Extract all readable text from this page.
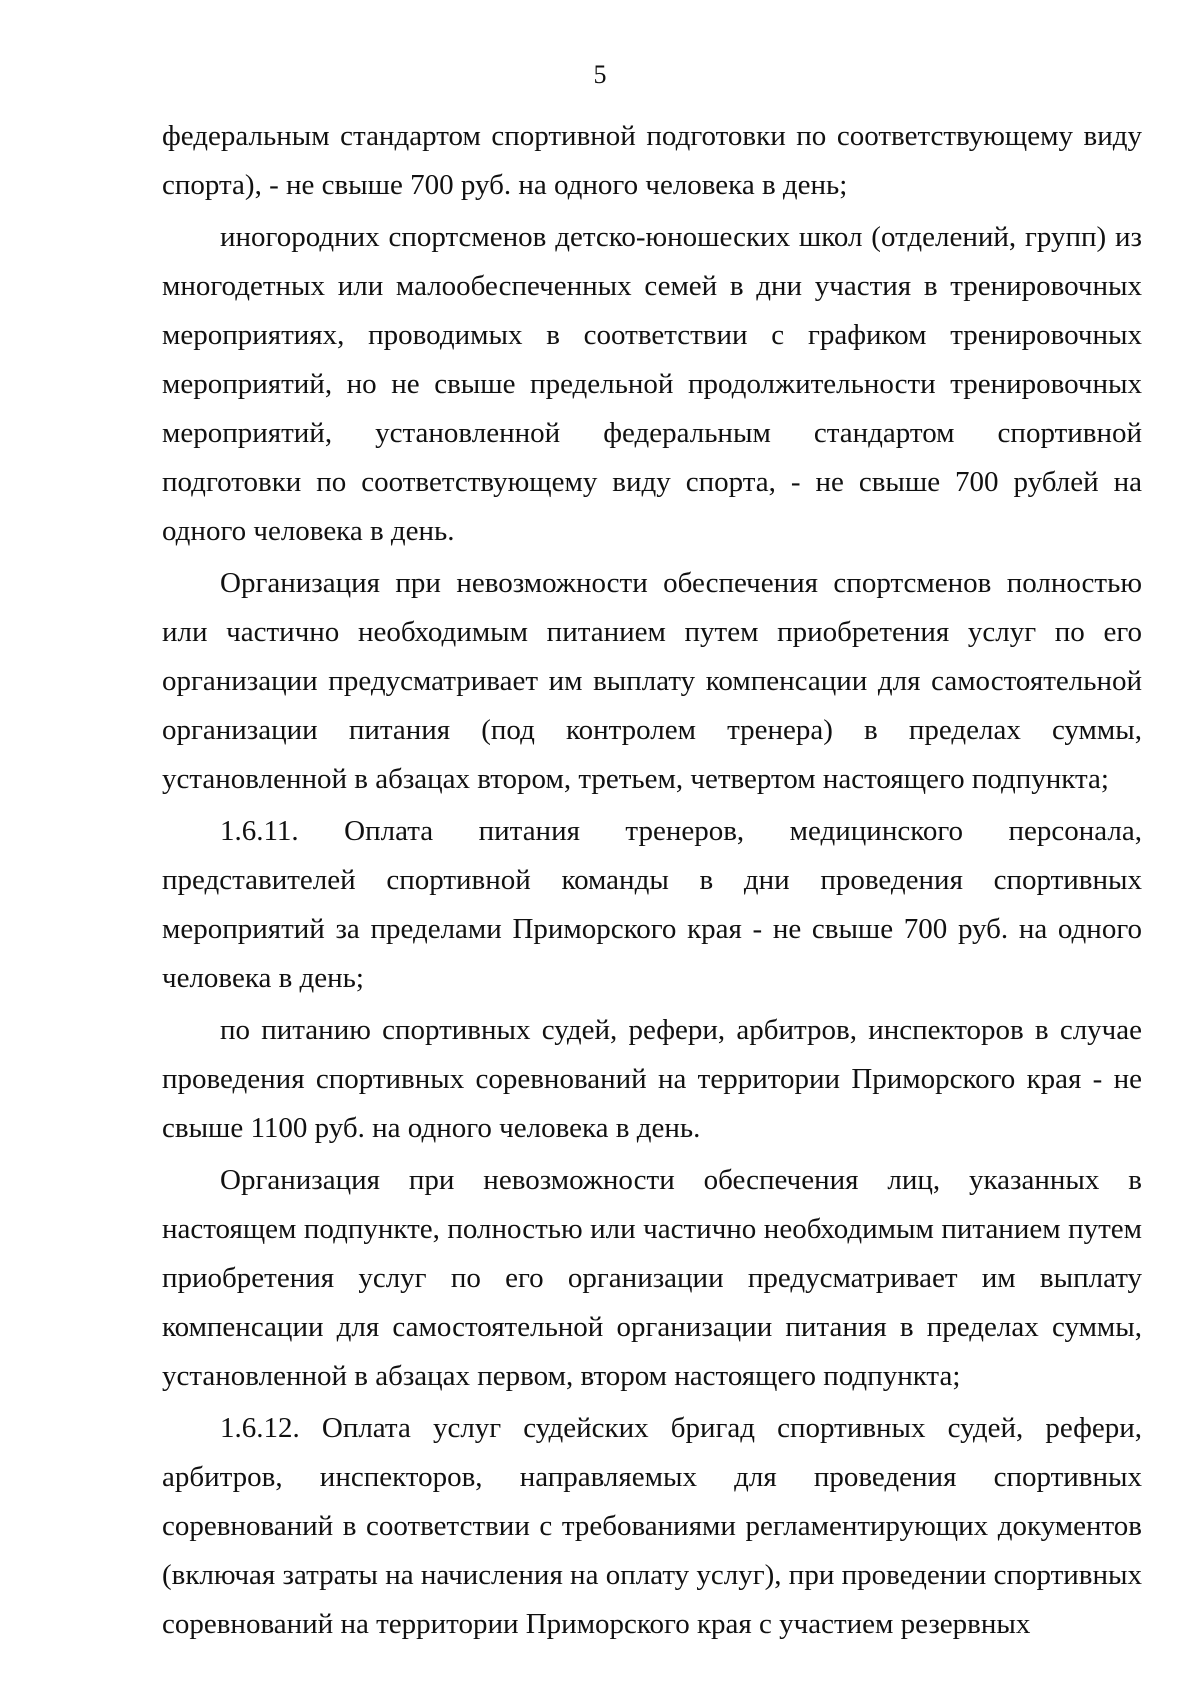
5

федеральным стандартом спортивной подготовки по соответствующему виду спорта), - не свыше 700 руб. на одного человека в день;

иногородних спортсменов детско-юношеских школ (отделений, групп) из многодетных или малообеспеченных семей в дни участия в тренировочных мероприятиях, проводимых в соответствии с графиком тренировочных мероприятий, но не свыше предельной продолжительности тренировочных мероприятий, установленной федеральным стандартом спортивной подготовки по соответствующему виду спорта, - не свыше 700 рублей на одного человека в день.

Организация при невозможности обеспечения спортсменов полностью или частично необходимым питанием путем приобретения услуг по его организации предусматривает им выплату компенсации для самостоятельной организации питания (под контролем тренера) в пределах суммы, установленной в абзацах втором, третьем, четвертом настоящего подпункта;

1.6.11. Оплата питания тренеров, медицинского персонала, представителей спортивной команды в дни проведения спортивных мероприятий за пределами Приморского края - не свыше 700 руб. на одного человека в день;

по питанию спортивных судей, рефери, арбитров, инспекторов в случае проведения спортивных соревнований на территории Приморского края - не свыше 1100 руб. на одного человека в день.

Организация при невозможности обеспечения лиц, указанных в настоящем подпункте, полностью или частично необходимым питанием путем приобретения услуг по его организации предусматривает им выплату компенсации для самостоятельной организации питания в пределах суммы, установленной в абзацах первом, втором настоящего подпункта;

1.6.12. Оплата услуг судейских бригад спортивных судей, рефери, арбитров, инспекторов, направляемых для проведения спортивных соревнований в соответствии с требованиями регламентирующих документов (включая затраты на начисления на оплату услуг), при проведении спортивных соревнований на территории Приморского края с участием резервных
